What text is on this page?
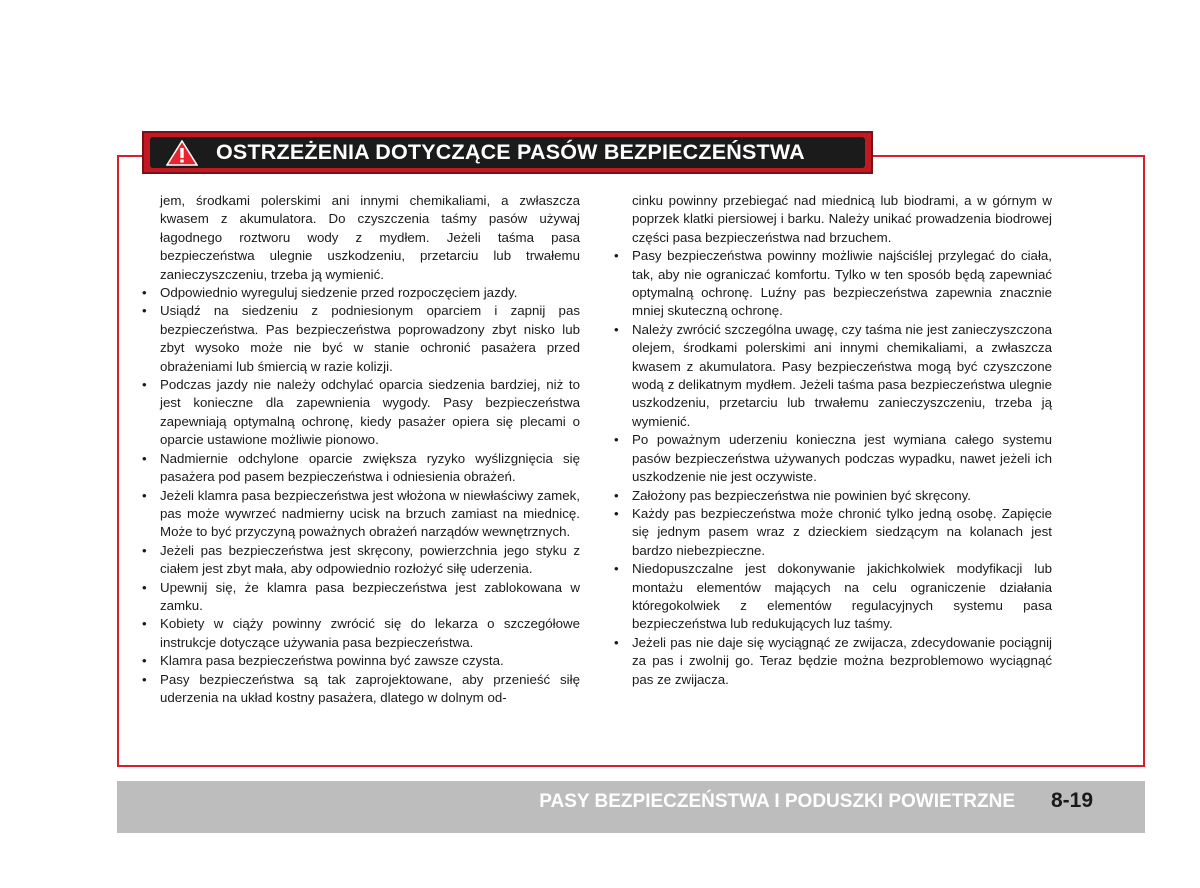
OSTRZEŻENIA DOTYCZĄCE PASÓW BEZPIECZEŃSTWA

jem, środkami polerskimi ani innymi chemikaliami, a zwłaszcza kwasem z akumulatora. Do czyszczenia taśmy pasów używaj łagodnego roztworu wody z mydłem. Jeżeli taśma pasa bezpieczeństwa ulegnie uszkodzeniu, przetarciu lub trwałemu zanieczyszczeniu, trzeba ją wymienić.

• Odpowiednio wyreguluj siedzenie przed rozpoczęciem jazdy.
• Usiądź na siedzeniu z podniesionym oparciem i zapnij pas bezpieczeństwa. Pas bezpieczeństwa poprowadzony zbyt nisko lub zbyt wysoko może nie być w stanie ochronić pasażera przed obrażeniami lub śmiercią w razie kolizji.
• Podczas jazdy nie należy odchylać oparcia siedzenia bardziej, niż to jest konieczne dla zapewnienia wygody. Pasy bezpieczeństwa zapewniają optymalną ochronę, kiedy pasażer opiera się plecami o oparcie ustawione możliwie pionowo.
• Nadmiernie odchylone oparcie zwiększa ryzyko wyślizgnięcia się pasażera pod pasem bezpieczeństwa i odniesienia obrażeń.
• Jeżeli klamra pasa bezpieczeństwa jest włożona w niewłaściwy zamek, pas może wywrzeć nadmierny ucisk na brzuch zamiast na miednicę. Może to być przyczyną poważnych obrażeń narządów wewnętrznych.
• Jeżeli pas bezpieczeństwa jest skręcony, powierzchnia jego styku z ciałem jest zbyt mała, aby odpowiednio rozłożyć siłę uderzenia.
• Upewnij się, że klamra pasa bezpieczeństwa jest zablokowana w zamku.
• Kobiety w ciąży powinny zwrócić się do lekarza o szczegółowe instrukcje dotyczące używania pasa bezpieczeństwa.
• Klamra pasa bezpieczeństwa powinna być zawsze czysta.
• Pasy bezpieczeństwa są tak zaprojektowane, aby przenieść siłę uderzenia na układ kostny pasażera, dlatego w dolnym od-

cinku powinny przebiegać nad miednicą lub biodrami, a w górnym w poprzek klatki piersiowej i barku. Należy unikać prowadzenia biodrowej części pasa bezpieczeństwa nad brzuchem.

• Pasy bezpieczeństwa powinny możliwie najściślej przylegać do ciała, tak, aby nie ograniczać komfortu. Tylko w ten sposób będą zapewniać optymalną ochronę. Luźny pas bezpieczeństwa zapewnia znacznie mniej skuteczną ochronę.
• Należy zwrócić szczególna uwagę, czy taśma nie jest zanieczyszczona olejem, środkami polerskimi ani innymi chemikaliami, a zwłaszcza kwasem z akumulatora. Pasy bezpieczeństwa mogą być czyszczone wodą z delikatnym mydłem. Jeżeli taśma pasa bezpieczeństwa ulegnie uszkodzeniu, przetarciu lub trwałemu zanieczyszczeniu, trzeba ją wymienić.
• Po poważnym uderzeniu konieczna jest wymiana całego systemu pasów bezpieczeństwa używanych podczas wypadku, nawet jeżeli ich uszkodzenie nie jest oczywiste.
• Założony pas bezpieczeństwa nie powinien być skręcony.
• Każdy pas bezpieczeństwa może chronić tylko jedną osobę. Zapięcie się jednym pasem wraz z dzieckiem siedzącym na kolanach jest bardzo niebezpieczne.
• Niedopuszczalne jest dokonywanie jakichkolwiek modyfikacji lub montażu elementów mających na celu ograniczenie działania któregokolwiek z elementów regulacyjnych systemu pasa bezpieczeństwa lub redukujących luz taśmy.
• Jeżeli pas nie daje się wyciągnąć ze zwijacza, zdecydowanie pociągnij za pas i zwolnij go. Teraz będzie można bezproblemowo wyciągnąć pas ze zwijacza.
PASY BEZPIECZEŃSTWA I PODUSZKI POWIETRZNE 8-19
